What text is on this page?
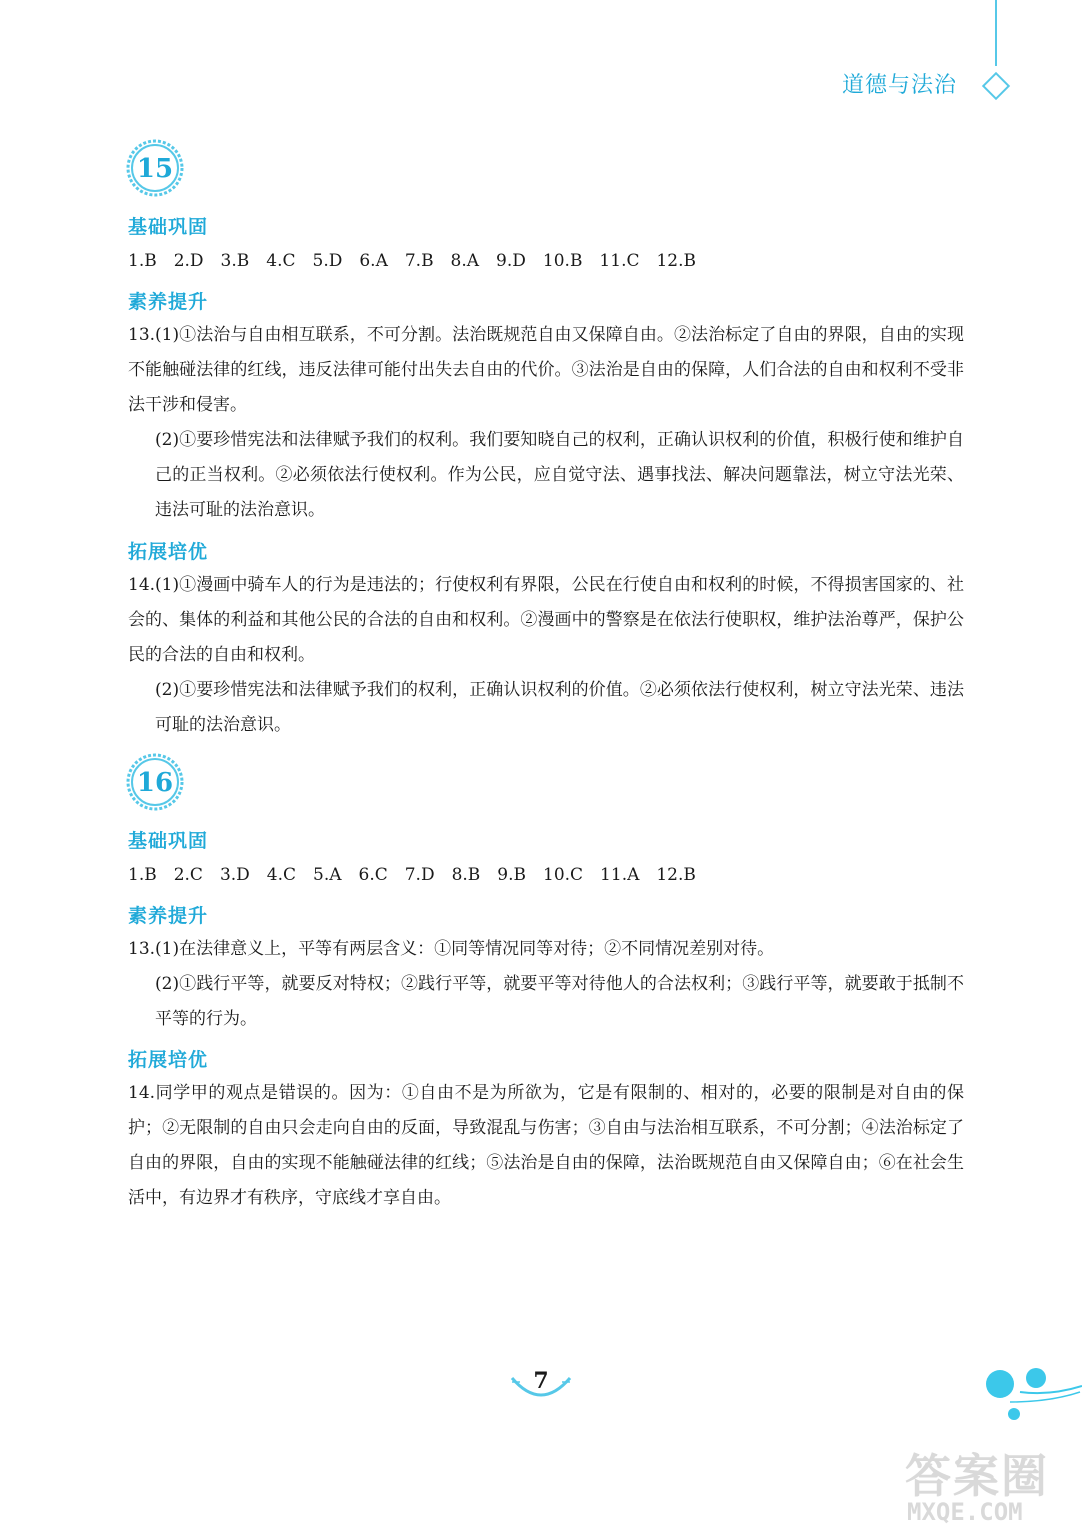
道德与法治
15
基础巩固
1.B　2.D　3.B　4.C　5.D　6.A　7.B　8.A　9.D　10.B　11.C　12.B
素养提升

13.(1)①法治与自由相互联系，不可分割。法治既规范自由又保障自由。②法治标定了自由的界限，自由的实现不能触碰法律的红线，违反法律可能付出失去自由的代价。③法治是自由的保障，人们合法的自由和权利不受非法干涉和侵害。

(2)①要珍惜宪法和法律赋予我们的权利。我们要知晓自己的权利，正确认识权利的价值，积极行使和维护自己的正当权利。②必须依法行使权利。作为公民，应自觉守法、遇事找法、解决问题靠法，树立守法光荣、违法可耻的法治意识。

拓展培优

14.(1)①漫画中骑车人的行为是违法的；行使权利有界限，公民在行使自由和权利的时候，不得损害国家的、社会的、集体的利益和其他公民的合法的自由和权利。②漫画中的警察是在依法行使职权，维护法治尊严，保护公民的合法的自由和权利。

(2)①要珍惜宪法和法律赋予我们的权利，正确认识权利的价值。②必须依法行使权利，树立守法光荣、违法可耻的法治意识。

16
基础巩固
1.B　2.C　3.D　4.C　5.A　6.C　7.D　8.B　9.B　10.C　11.A　12.B
素养提升

13.(1)在法律意义上，平等有两层含义：①同等情况同等对待；②不同情况差别对待。

(2)①践行平等，就要反对特权；②践行平等，就要平等对待他人的合法权利；③践行平等，就要敢于抵制不平等的行为。

拓展培优

14.同学甲的观点是错误的。因为：①自由不是为所欲为，它是有限制的、相对的，必要的限制是对自由的保护；②无限制的自由只会走向自由的反面，导致混乱与伤害；③自由与法治相互联系，不可分割；④法治标定了自由的界限，自由的实现不能触碰法律的红线；⑤法治是自由的保障，法治既规范自由又保障自由；⑥在社会生活中，有边界才有秩序，守底线才享自由。

7
答案圈
MXQE.COM
